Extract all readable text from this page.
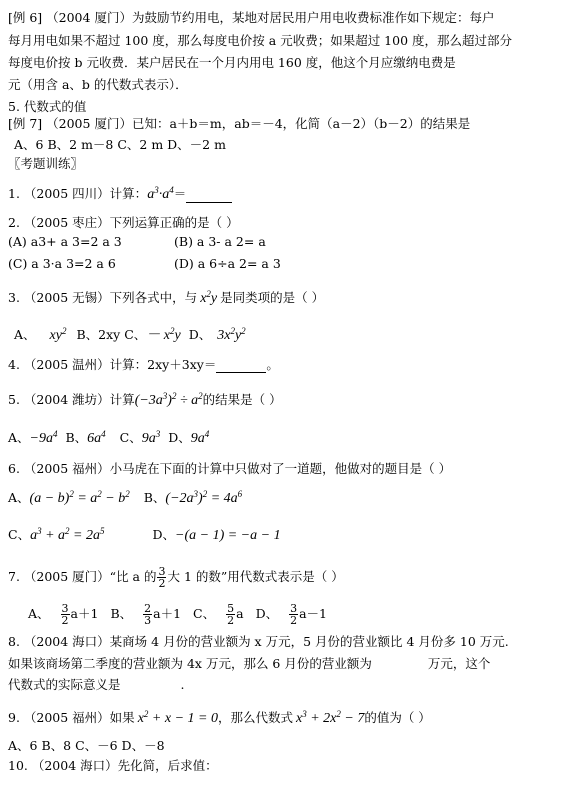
[例 6] （2004 厦门）为鼓励节约用电，某地对居民用户用电收费标准作如下规定：每户
每月用电如果不超过 100 度，那么每度电价按 a 元收费；如果超过 100 度，那么超过部分
每度电价按 b 元收费．某户居民在一个月内用电 160 度，他这个月应缴纳电费是
元（用含 a、b 的代数式表示）．
5. 代数式的值
[例 7] （2005 厦门）已知：a＋b＝m，ab＝－4，化简（a－2）（b－2）的结果是
A、6 B、2 m－8 C、2 m D、－2 m
〖考题训练〗
1. （2005 四川）计算：$a^3\cdot a^4=$
2. （2005 枣庄）下列运算正确的是（ ）
(A) a3+ a 3=2 a 3	(B) a 3- a 2= a
(C) a 3·a 3=2 a 6	(D) a 6÷a 2= a 3
3. （2005 无锡）下列各式中，与 $x^2y$ 是同类项的是（ ）
A、 $xy^2$ B、2xy C、－ $x^2y$ D、 $3x^2y^2$
4. （2005 温州）计算：2xy＋3xy＝	。
5. （2004 潍坊）计算$(-3a^3)^2 \div a^2$的结果是（ ）
A、$-9a^4$ B、$6a^4$ C、$9a^3$ D、$9a^4$
6. （2005 福州）小马虎在下面的计算中只做对了一道题，他做对的题目是（ ）
A、$(a - b)^2 = a^2 - b^2$ B、$(-2a^3)^2 = 4a^6$
C、$a^3 + a^2 = 2a^5$	D、−(a − 1) = −a − 1
7. （2005 厦门）“比 a 的 $\frac{3}{2}$ 大 1 的数”用代数式表示是（ ）
A、 $\frac{3}{2} a+1$ B、 $\frac{2}{3} a+1$ C、 $\frac{5}{2}$ a D、 $\frac{3}{2} a-1$
8. （2004 海口）某商场 4 月份的营业额为 x 万元，5 月份的营业额比 4 月份多 10 万元.
如果该商场第二季度的营业额为 4x 万元，那么 6 月份的营业额为	万元，这个
代数式的实际意义是	.
9. （2005 福州）如果 $x^2 + x - 1 = 0$，那么代数式 $x^3 + 2x^2 - 7$的值为（ ）
A、6 B、8 C、－6 D、－8
10. （2004 海口）先化简，后求值：
